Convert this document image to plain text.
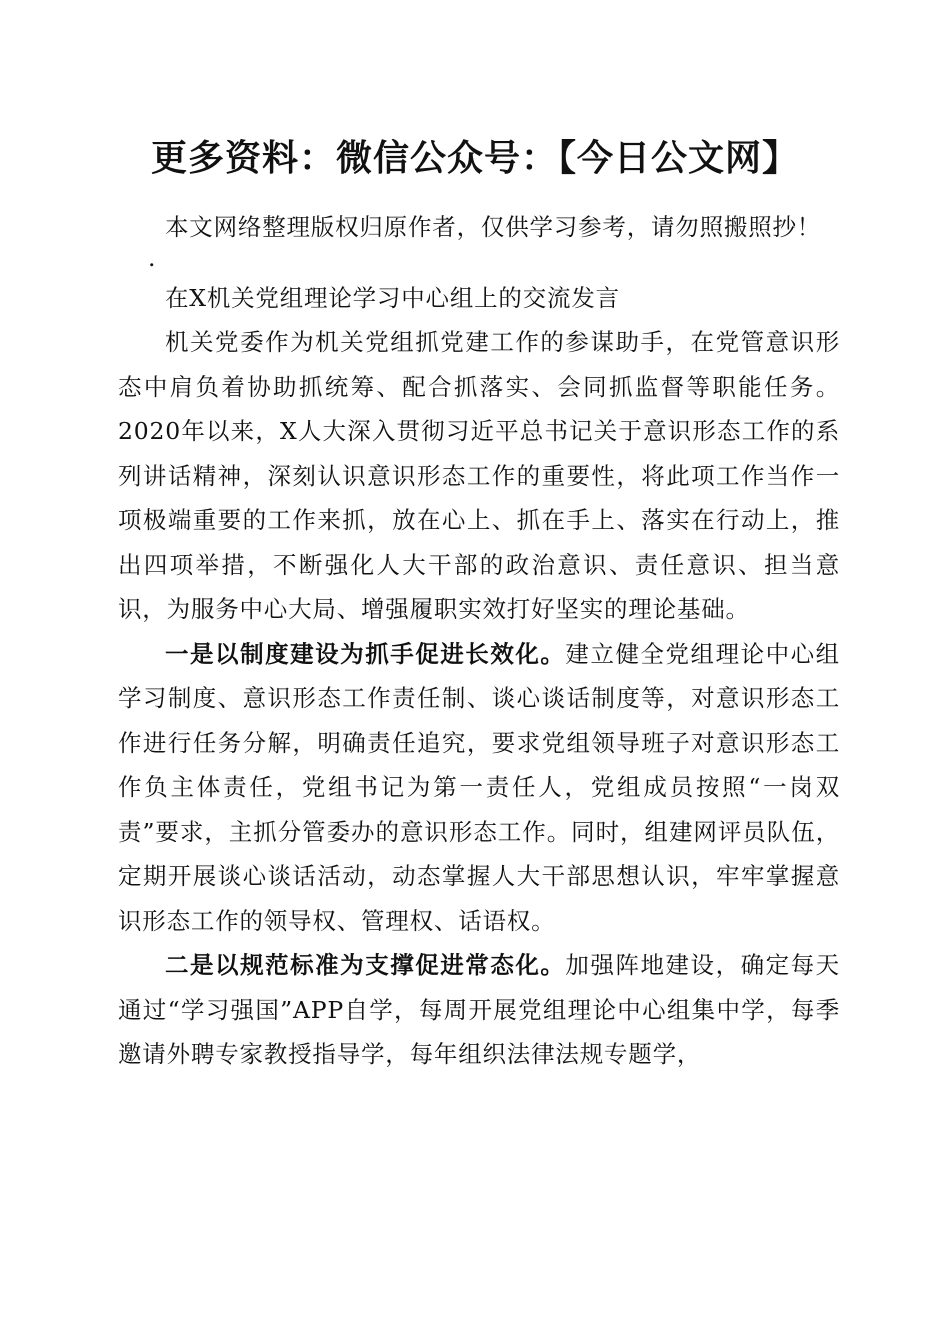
更多资料：微信公众号：【今日公文网】

本文网络整理版权归原作者，仅供学习参考，请勿照搬照抄！

.

在X机关党组理论学习中心组上的交流发言

机关党委作为机关党组抓党建工作的参谋助手，在党管意识形态中肩负着协助抓统筹、配合抓落实、会同抓监督等职能任务。2020年以来，X人大深入贯彻习近平总书记关于意识形态工作的系列讲话精神，深刻认识意识形态工作的重要性，将此项工作当作一项极端重要的工作来抓，放在心上、抓在手上、落实在行动上，推出四项举措，不断强化人大干部的政治意识、责任意识、担当意识，为服务中心大局、增强履职实效打好坚实的理论基础。

一是以制度建设为抓手促进长效化。建立健全党组理论中心组学习制度、意识形态工作责任制、谈心谈话制度等，对意识形态工作进行任务分解，明确责任追究，要求党组领导班子对意识形态工作负主体责任，党组书记为第一责任人，党组成员按照“一岗双责”要求，主抓分管委办的意识形态工作。同时，组建网评员队伍，定期开展谈心谈话活动，动态掌握人大干部思想认识，牢牢掌握意识形态工作的领导权、管理权、话语权。

二是以规范标准为支撑促进常态化。加强阵地建设，确定每天通过“学习强国”APP自学，每周开展党组理论中心组集中学，每季邀请外聘专家教授指导学，每年组织法律法规专题学，
